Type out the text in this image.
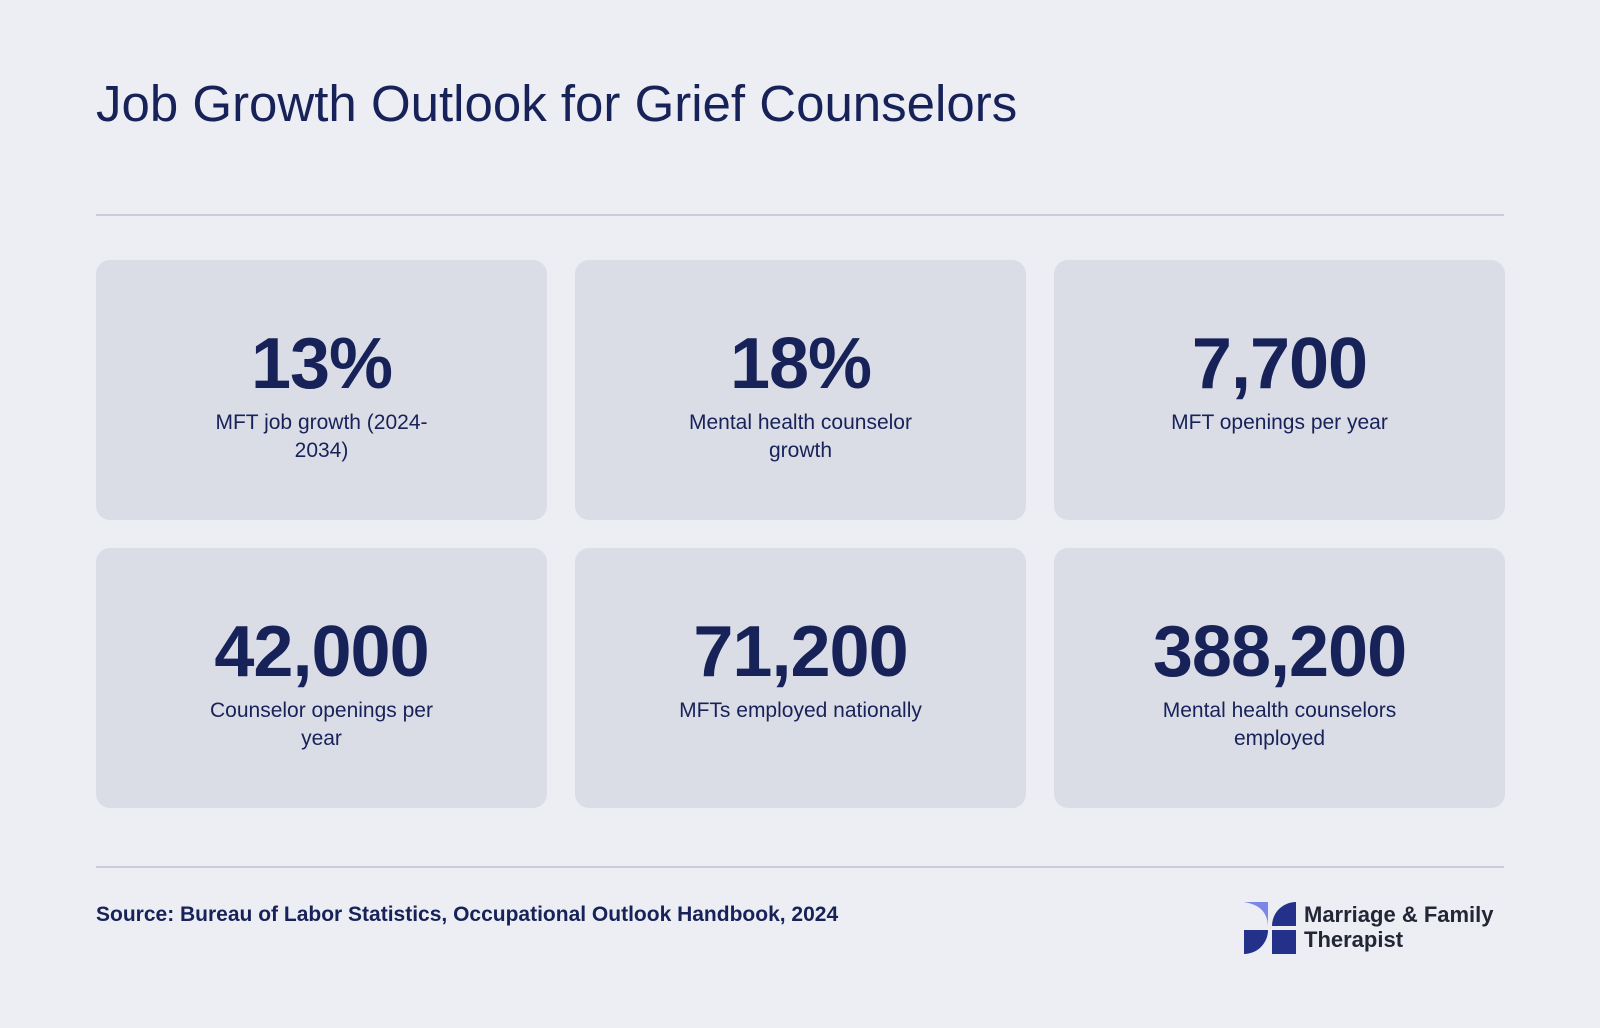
Job Growth Outlook for Grief Counselors
13%
MFT job growth (2024-2034)
18%
Mental health counselor growth
7,700
MFT openings per year
42,000
Counselor openings per year
71,200
MFTs employed nationally
388,200
Mental health counselors employed
Source: Bureau of Labor Statistics, Occupational Outlook Handbook, 2024	Marriage & Family
Therapist
